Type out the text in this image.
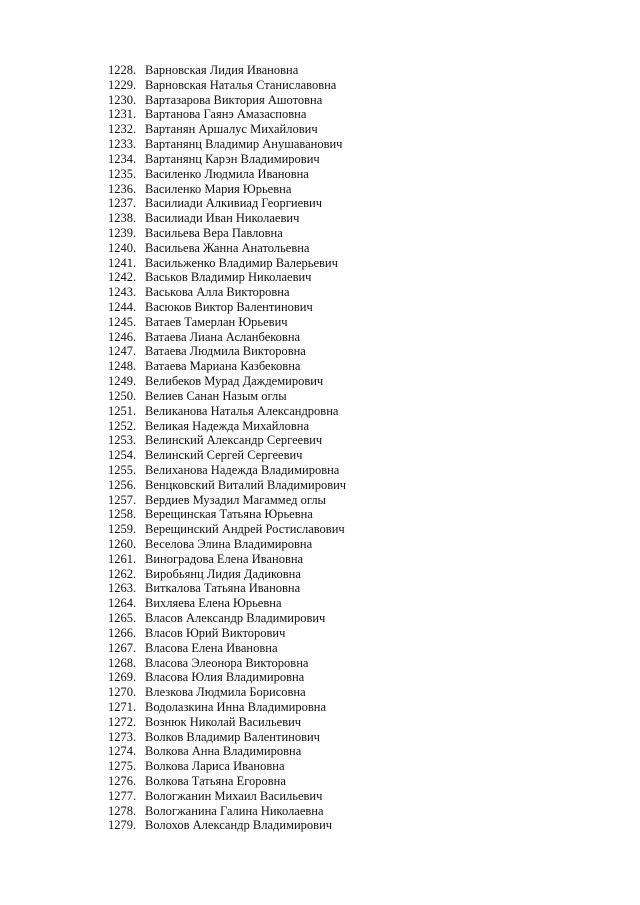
1228. Варновская Лидия Ивановна
1229. Варновская Наталья Станиславовна
1230. Вартазарова Виктория Ашотовна
1231. Вартанова Гаянэ Амазасповна
1232. Вартанян Аршалус Михайлович
1233. Вартанянц Владимир Анушаванович
1234. Вартанянц Карэн Владимирович
1235. Василенко Людмила Ивановна
1236. Василенко Мария Юрьевна
1237. Василиади Алкивиад Георгиевич
1238. Василиади Иван Николаевич
1239. Васильева Вера Павловна
1240. Васильева Жанна Анатольевна
1241. Васильженко Владимир Валерьевич
1242. Васьков Владимир Николаевич
1243. Васькова Алла Викторовна
1244. Васюков Виктор Валентинович
1245. Ватаев Тамерлан Юрьевич
1246. Ватаева Лиана Асланбековна
1247. Ватаева Людмила Викторовна
1248. Ватаева Мариана Казбековна
1249. Велибеков Мурад Даждемирович
1250. Велиев Санан Назым оглы
1251. Великанова Наталья Александровна
1252. Великая Надежда Михайловна
1253. Велинский Александр Сергеевич
1254. Велинский Сергей Сергеевич
1255. Велиханова Надежда Владимировна
1256. Венцковский Виталий Владимирович
1257. Вердиев Музадил Магаммед оглы
1258. Верещинская Татьяна Юрьевна
1259. Верещинский Андрей Ростиславович
1260. Веселова Элина Владимировна
1261. Виноградова Елена Ивановна
1262. Виробьянц Лидия Дадиковна
1263. Виткалова Татьяна Ивановна
1264. Вихляева Елена Юрьевна
1265. Власов Александр Владимирович
1266. Власов Юрий Викторович
1267. Власова Елена Ивановна
1268. Власова Элеонора Викторовна
1269. Власова Юлия Владимировна
1270. Влезкова Людмила Борисовна
1271. Водолазкина Инна Владимировна
1272. Вознюк Николай Васильевич
1273. Волков Владимир Валентинович
1274. Волкова Анна Владимировна
1275. Волкова Лариса Ивановна
1276. Волкова Татьяна Егоровна
1277. Вологжанин Михаил Васильевич
1278. Вологжанина Галина Николаевна
1279. Волохов Александр Владимирович
